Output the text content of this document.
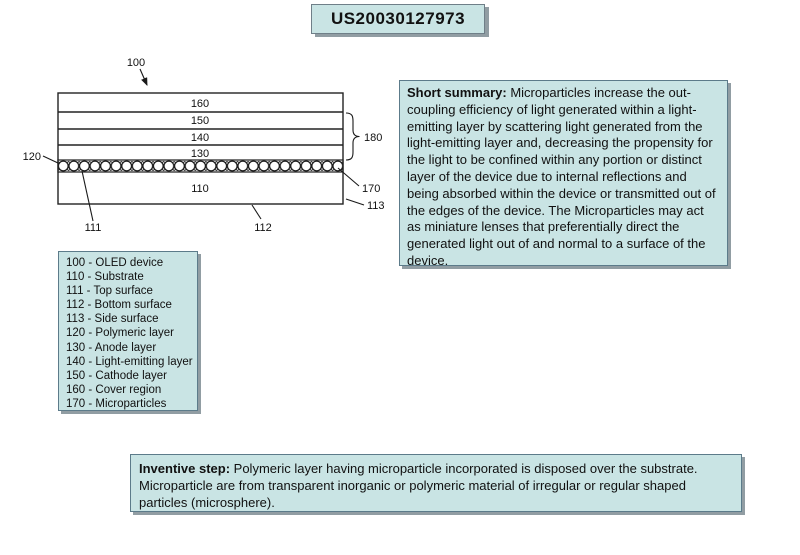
160
150
140
130
110
100
120
111	112
170
113
180
US20030127973
100 - OLED device
110 - Substrate
111 - Top surface
112 - Bottom surface
113 - Side surface
120 - Polymeric layer
130 - Anode layer
140 - Light-emitting layer
150 - Cathode layer
160 - Cover region
170 - Microparticles

Short summary: Microparticles increase the out-coupling efficiency of light generated within a light-emitting layer by scattering light generated from the light-emitting layer and, decreasing the propensity for the light to be confined within any portion or distinct layer of the device due to internal reflections and being absorbed within the device or transmitted out of the edges of the device. The Microparticles may act as miniature lenses that preferentially direct the generated light out of and normal to a surface of the device.

Inventive step: Polymeric layer having microparticle incorporated is disposed over the substrate. Microparticle are from transparent inorganic or polymeric material of irregular or regular shaped particles (microsphere).
